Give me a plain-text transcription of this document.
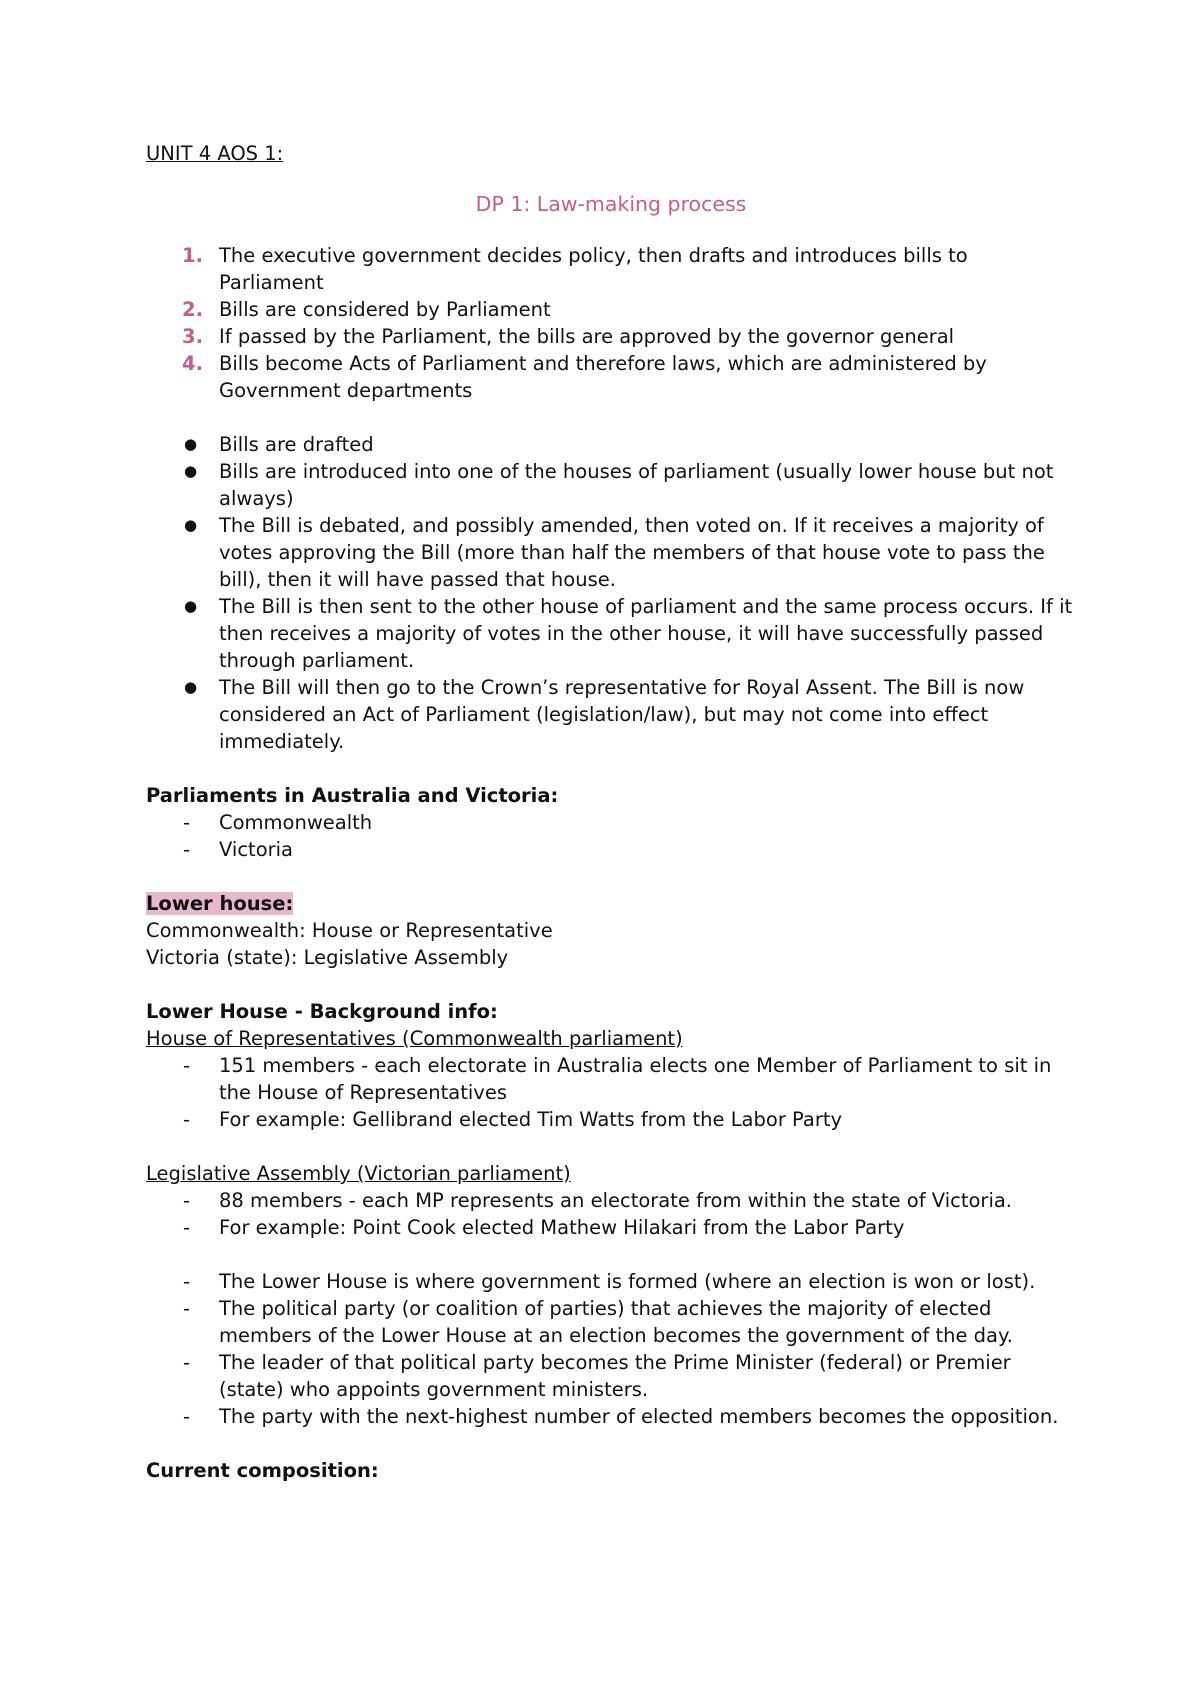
UNIT 4 AOS 1:
DP 1: Law-making process
1. The executive government decides policy, then drafts and introduces bills to Parliament
2. Bills are considered by Parliament
3. If passed by the Parliament, the bills are approved by the governor general
4. Bills become Acts of Parliament and therefore laws, which are administered by Government departments
● Bills are drafted
● Bills are introduced into one of the houses of parliament (usually lower house but not always)
● The Bill is debated, and possibly amended, then voted on. If it receives a majority of votes approving the Bill (more than half the members of that house vote to pass the bill), then it will have passed that house.
● The Bill is then sent to the other house of parliament and the same process occurs. If it then receives a majority of votes in the other house, it will have successfully passed through parliament.
● The Bill will then go to the Crown’s representative for Royal Assent. The Bill is now considered an Act of Parliament (legislation/law), but may not come into effect immediately.
Parliaments in Australia and Victoria:
- Commonwealth
- Victoria
Lower house:
Commonwealth: House or Representative
Victoria (state): Legislative Assembly
Lower House - Background info:
House of Representatives (Commonwealth parliament)
- 151 members - each electorate in Australia elects one Member of Parliament to sit in the House of Representatives
- For example: Gellibrand elected Tim Watts from the Labor Party
Legislative Assembly (Victorian parliament)
- 88 members - each MP represents an electorate from within the state of Victoria.
- For example: Point Cook elected Mathew Hilakari from the Labor Party
- The Lower House is where government is formed (where an election is won or lost).
- The political party (or coalition of parties) that achieves the majority of elected members of the Lower House at an election becomes the government of the day.
- The leader of that political party becomes the Prime Minister (federal) or Premier (state) who appoints government ministers.
- The party with the next-highest number of elected members becomes the opposition.
Current composition:
